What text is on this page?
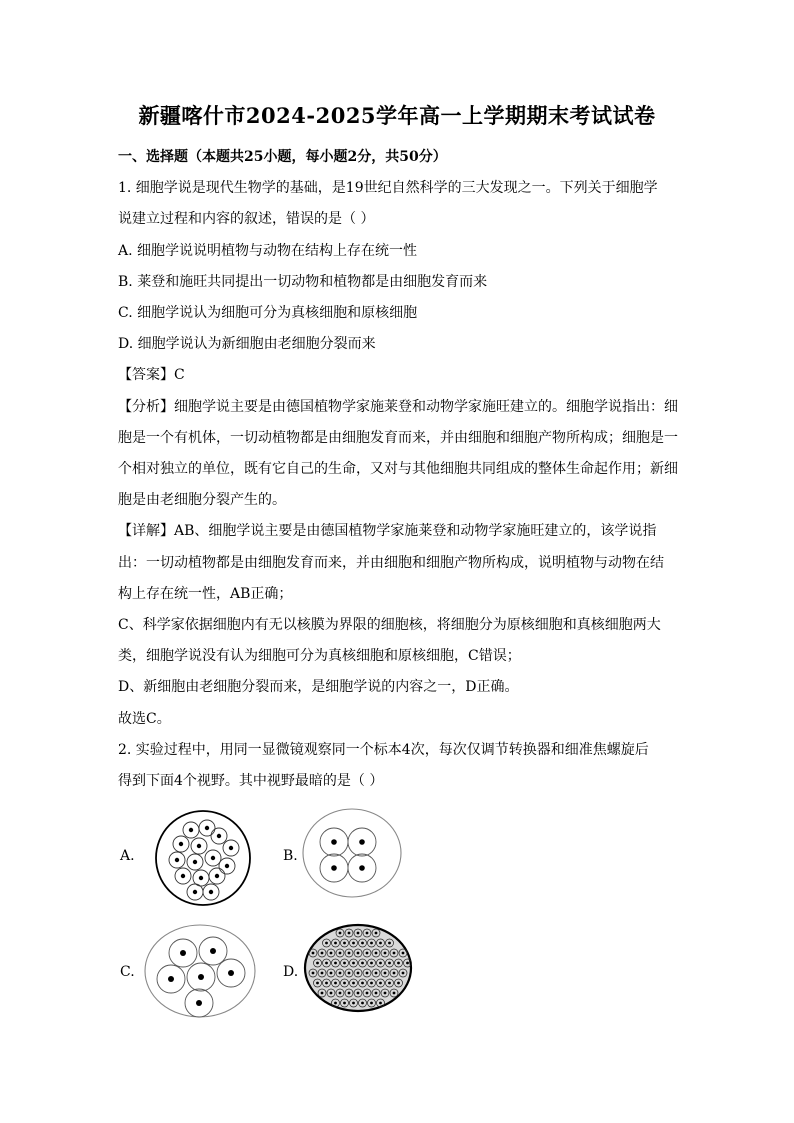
新疆喀什市2024-2025学年高一上学期期末考试试卷
一、选择题（本题共25小题，每小题2分，共50分）
1. 细胞学说是现代生物学的基础，是19世纪自然科学的三大发现之一。下列关于细胞学
说建立过程和内容的叙述，错误的是（ ）
A. 细胞学说说明植物与动物在结构上存在统一性
B. 莱登和施旺共同提出一切动物和植物都是由细胞发育而来
C. 细胞学说认为细胞可分为真核细胞和原核细胞
D. 细胞学说认为新细胞由老细胞分裂而来
【答案】C
【分析】细胞学说主要是由德国植物学家施莱登和动物学家施旺建立的。细胞学说指出：细
胞是一个有机体，一切动植物都是由细胞发育而来，并由细胞和细胞产物所构成；细胞是一
个相对独立的单位，既有它自己的生命，又对与其他细胞共同组成的整体生命起作用；新细
胞是由老细胞分裂产生的。
【详解】AB、细胞学说主要是由德国植物学家施莱登和动物学家施旺建立的，该学说指
出：一切动植物都是由细胞发育而来，并由细胞和细胞产物所构成，说明植物与动物在结
构上存在统一性，AB正确；
C、科学家依据细胞内有无以核膜为界限的细胞核，将细胞分为原核细胞和真核细胞两大
类，细胞学说没有认为细胞可分为真核细胞和原核细胞，C错误；
D、新细胞由老细胞分裂而来，是细胞学说的内容之一，D正确。
故选C。
2. 实验过程中，用同一显微镜观察同一个标本4次，每次仅调节转换器和细准焦螺旋后
得到下面4个视野。其中视野最暗的是（ ）
A.	B.
C.	D.
